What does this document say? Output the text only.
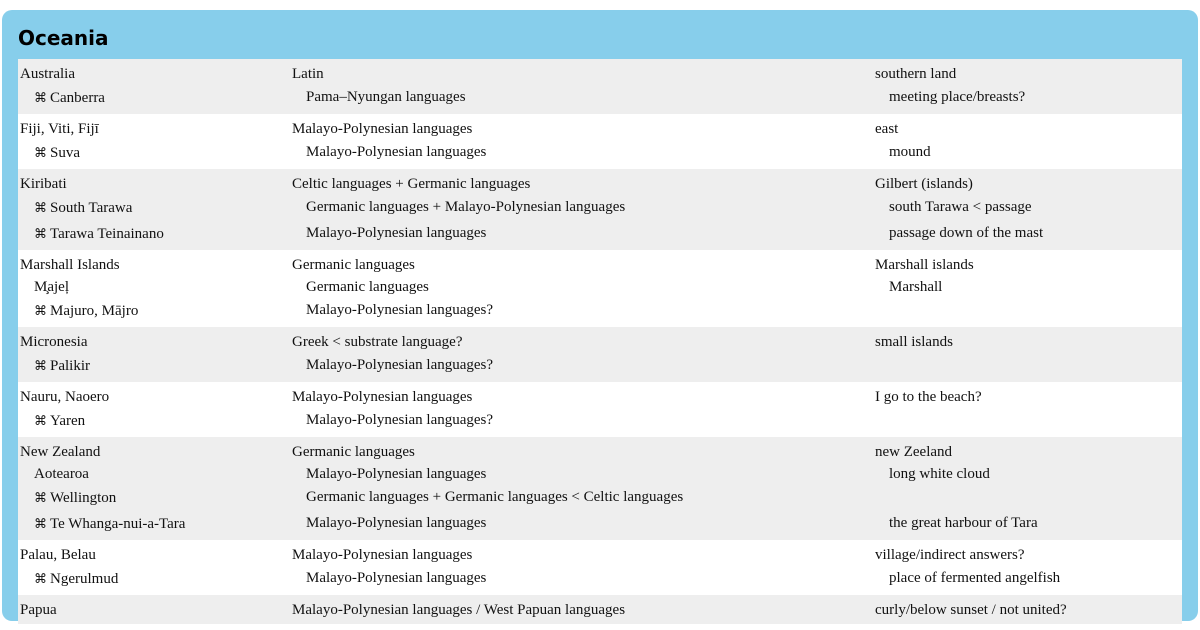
Oceania
Australia	Latin	southern land
⌘ Canberra	Pama–Nyungan languages	meeting place/breasts?
Fiji, Viti, Fijī	Malayo-Polynesian languages	east
⌘ Suva	Malayo-Polynesian languages	mound
Kiribati	Celtic languages + Germanic languages	Gilbert (islands)
⌘ South Tarawa	Germanic languages + Malayo-Polynesian languages	south Tarawa < passage
⌘ Tarawa Teinainano	Malayo-Polynesian languages	passage down of the mast
Marshall Islands	Germanic languages	Marshall islands
M̧ajeļ	Germanic languages	Marshall
⌘ Majuro, Mājro	Malayo-Polynesian languages?
Micronesia	Greek < substrate language?	small islands
⌘ Palikir	Malayo-Polynesian languages?
Nauru, Naoero	Malayo-Polynesian languages	I go to the beach?
⌘ Yaren	Malayo-Polynesian languages?
New Zealand	Germanic languages	new Zeeland
Aotearoa	Malayo-Polynesian languages	long white cloud
⌘ Wellington	Germanic languages + Germanic languages < Celtic languages
⌘ Te Whanga-nui-a-Tara	Malayo-Polynesian languages	the great harbour of Tara
Palau, Belau	Malayo-Polynesian languages	village/indirect answers?
⌘ Ngerulmud	Malayo-Polynesian languages	place of fermented angelfish
Papua	Malayo-Polynesian languages / West Papuan languages	curly/below sunset / not united?
